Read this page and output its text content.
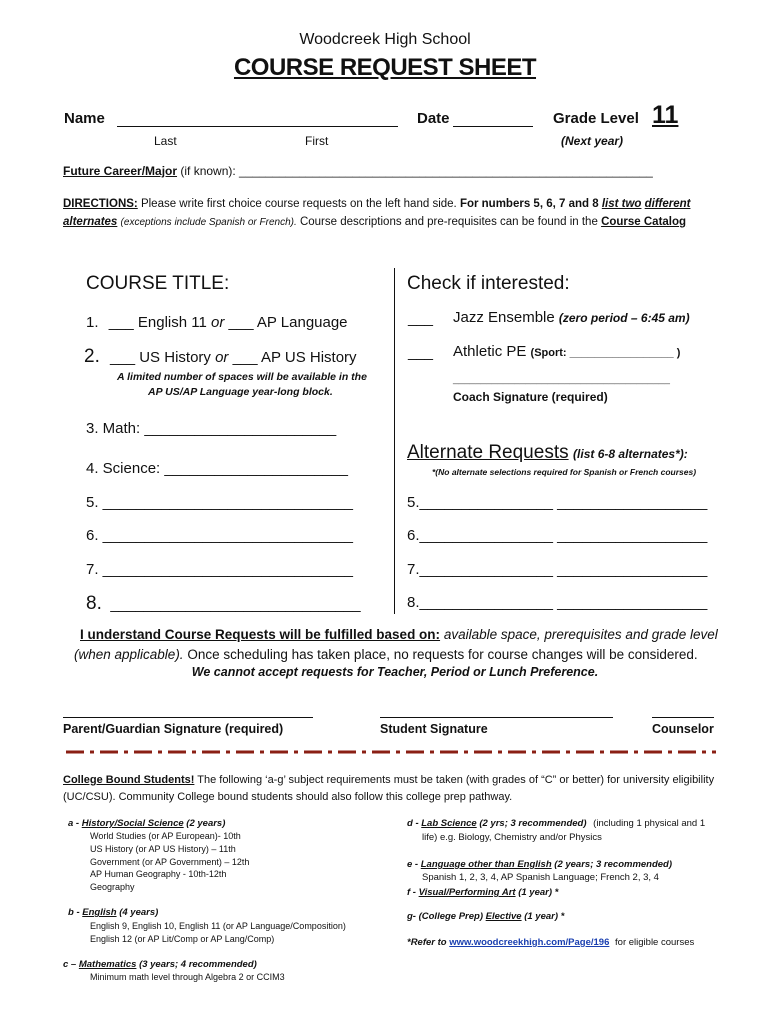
Woodcreek High School
COURSE REQUEST SHEET
Name
Last	First
Date	Grade Level 11
(Next year)
Future Career/Major (if known): ______________________________________________________________
DIRECTIONS: Please write first choice course requests on the left hand side. For numbers 5, 6, 7 and 8 list two different alternates (exceptions include Spanish or French). Course descriptions and pre-requisites can be found in the Course Catalog
COURSE TITLE:
1. ___ English 11 or ___ AP Language
2. ___ US History or ___ AP US History
A limited number of spaces will be available in the
AP US/AP Language year-long block.
3. Math: _______________________
4. Science: ______________________
5. ______________________________
6. ______________________________
7. ______________________________
8. ______________________________
Check if interested:
___ Jazz Ensemble (zero period – 6:45 am)
___ Athletic PE (Sport: _________________ )
_______________________________________
Coach Signature (required)
Alternate Requests (list 6-8 alternates*):
*(No alternate selections required for Spanish or French courses)
5.________________ __________________
6.________________ __________________
7.________________ __________________
8.________________ __________________
I understand Course Requests will be fulfilled based on: available space, prerequisites and grade level
(when applicable). Once scheduling has taken place, no requests for course changes will be considered.
We cannot accept requests for Teacher, Period or Lunch Preference.
Parent/Guardian Signature (required)	Student Signature	Counselor
College Bound Students! The following ‘a-g’ subject requirements must be taken (with grades of “C” or better) for university eligibility (UC/CSU). Community College bound students should also follow this college prep pathway.
a - History/Social Science (2 years)
World Studies (or AP European)- 10th
US History (or AP US History) – 11th
Government (or AP Government) – 12th
AP Human Geography - 10th-12th
Geography
b - English (4 years)
English 9, English 10, English 11 (or AP Language/Composition)
English 12 (or AP Lit/Comp or AP Lang/Comp)
c – Mathematics (3 years; 4 recommended)
Minimum math level through Algebra 2 or CCIM3
d - Lab Science (2 yrs; 3 recommended) (including 1 physical and 1
life) e.g. Biology, Chemistry and/or Physics
e - Language other than English (2 years; 3 recommended)
Spanish 1, 2, 3, 4, AP Spanish Language; French 2, 3, 4
f - Visual/Performing Art (1 year) *
g- (College Prep) Elective (1 year) *
*Refer to www.woodcreekhigh.com/Page/196 for eligible courses
